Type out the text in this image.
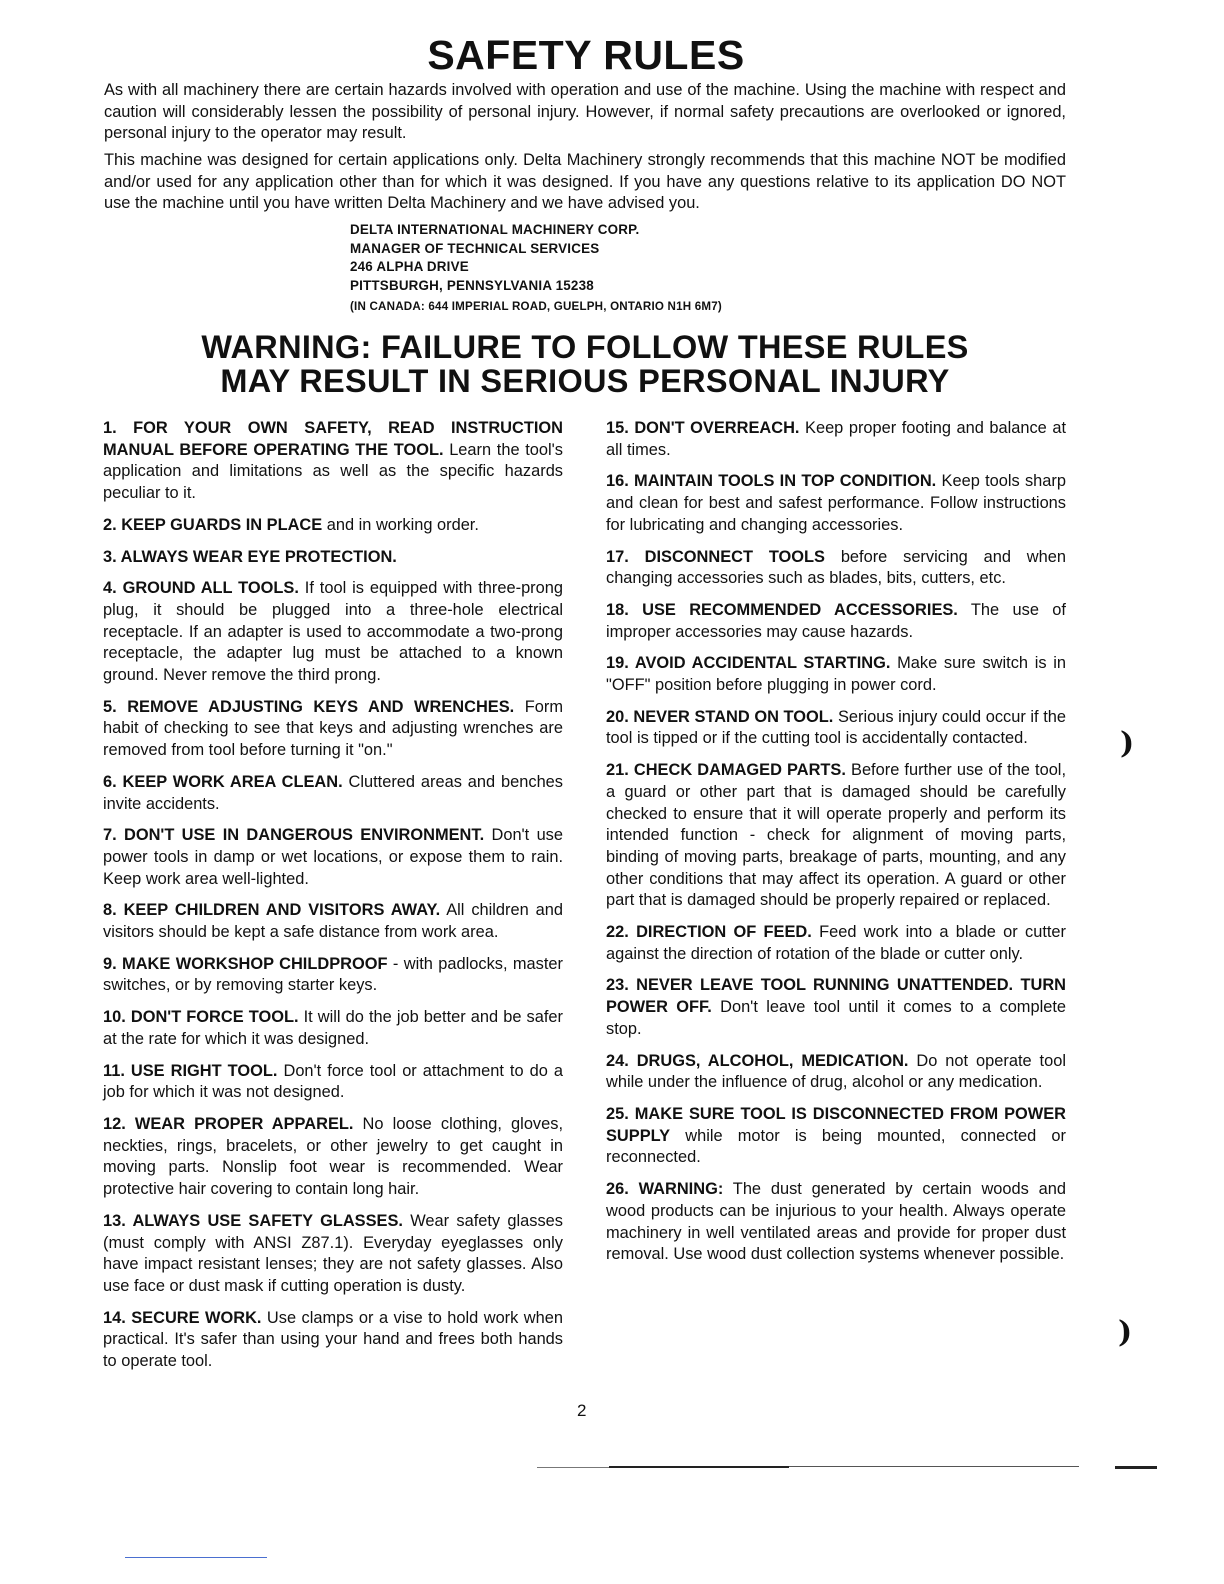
SAFETY RULES

As with all machinery there are certain hazards involved with operation and use of the machine. Using the machine with respect and caution will considerably lessen the possibility of personal injury. However, if normal safety precautions are overlooked or ignored, personal injury to the operator may result.

This machine was designed for certain applications only. Delta Machinery strongly recommends that this machine NOT be modified and/or used for any application other than for which it was designed. If you have any questions relative to its application DO NOT use the machine until you have written Delta Machinery and we have advised you.

DELTA INTERNATIONAL MACHINERY CORP.
MANAGER OF TECHNICAL SERVICES
246 ALPHA DRIVE
PITTSBURGH, PENNSYLVANIA 15238
(IN CANADA: 644 IMPERIAL ROAD, GUELPH, ONTARIO N1H 6M7)
WARNING: FAILURE TO FOLLOW THESE RULES
MAY RESULT IN SERIOUS PERSONAL INJURY

1. FOR YOUR OWN SAFETY, READ INSTRUCTION MANUAL BEFORE OPERATING THE TOOL. Learn the tool's application and limitations as well as the specific hazards peculiar to it.

2. KEEP GUARDS IN PLACE and in working order.

3. ALWAYS WEAR EYE PROTECTION.

4. GROUND ALL TOOLS. If tool is equipped with three-prong plug, it should be plugged into a three-hole electrical receptacle. If an adapter is used to accommodate a two-prong receptacle, the adapter lug must be attached to a known ground. Never remove the third prong.

5. REMOVE ADJUSTING KEYS AND WRENCHES. Form habit of checking to see that keys and adjusting wrenches are removed from tool before turning it "on."

6. KEEP WORK AREA CLEAN. Cluttered areas and benches invite accidents.

7. DON'T USE IN DANGEROUS ENVIRONMENT. Don't use power tools in damp or wet locations, or expose them to rain. Keep work area well-lighted.

8. KEEP CHILDREN AND VISITORS AWAY. All children and visitors should be kept a safe distance from work area.

9. MAKE WORKSHOP CHILDPROOF - with padlocks, master switches, or by removing starter keys.

10. DON'T FORCE TOOL. It will do the job better and be safer at the rate for which it was designed.

11. USE RIGHT TOOL. Don't force tool or attachment to do a job for which it was not designed.

12. WEAR PROPER APPAREL. No loose clothing, gloves, neckties, rings, bracelets, or other jewelry to get caught in moving parts. Nonslip foot wear is recommended. Wear protective hair covering to contain long hair.

13. ALWAYS USE SAFETY GLASSES. Wear safety glasses (must comply with ANSI Z87.1). Everyday eyeglasses only have impact resistant lenses; they are not safety glasses. Also use face or dust mask if cutting operation is dusty.

14. SECURE WORK. Use clamps or a vise to hold work when practical. It's safer than using your hand and frees both hands to operate tool.

15. DON'T OVERREACH. Keep proper footing and balance at all times.

16. MAINTAIN TOOLS IN TOP CONDITION. Keep tools sharp and clean for best and safest performance. Follow instructions for lubricating and changing accessories.

17. DISCONNECT TOOLS before servicing and when changing accessories such as blades, bits, cutters, etc.

18. USE RECOMMENDED ACCESSORIES. The use of improper accessories may cause hazards.

19. AVOID ACCIDENTAL STARTING. Make sure switch is in "OFF" position before plugging in power cord.

20. NEVER STAND ON TOOL. Serious injury could occur if the tool is tipped or if the cutting tool is accidentally contacted.

21. CHECK DAMAGED PARTS. Before further use of the tool, a guard or other part that is damaged should be carefully checked to ensure that it will operate properly and perform its intended function - check for alignment of moving parts, binding of moving parts, breakage of parts, mounting, and any other conditions that may affect its operation. A guard or other part that is damaged should be properly repaired or replaced.

22. DIRECTION OF FEED. Feed work into a blade or cutter against the direction of rotation of the blade or cutter only.

23. NEVER LEAVE TOOL RUNNING UNATTENDED. TURN POWER OFF. Don't leave tool until it comes to a complete stop.

24. DRUGS, ALCOHOL, MEDICATION. Do not operate tool while under the influence of drug, alcohol or any medication.

25. MAKE SURE TOOL IS DISCONNECTED FROM POWER SUPPLY while motor is being mounted, connected or reconnected.

26. WARNING: The dust generated by certain woods and wood products can be injurious to your health. Always operate machinery in well ventilated areas and provide for proper dust removal. Use wood dust collection systems whenever possible.

2
)
)
